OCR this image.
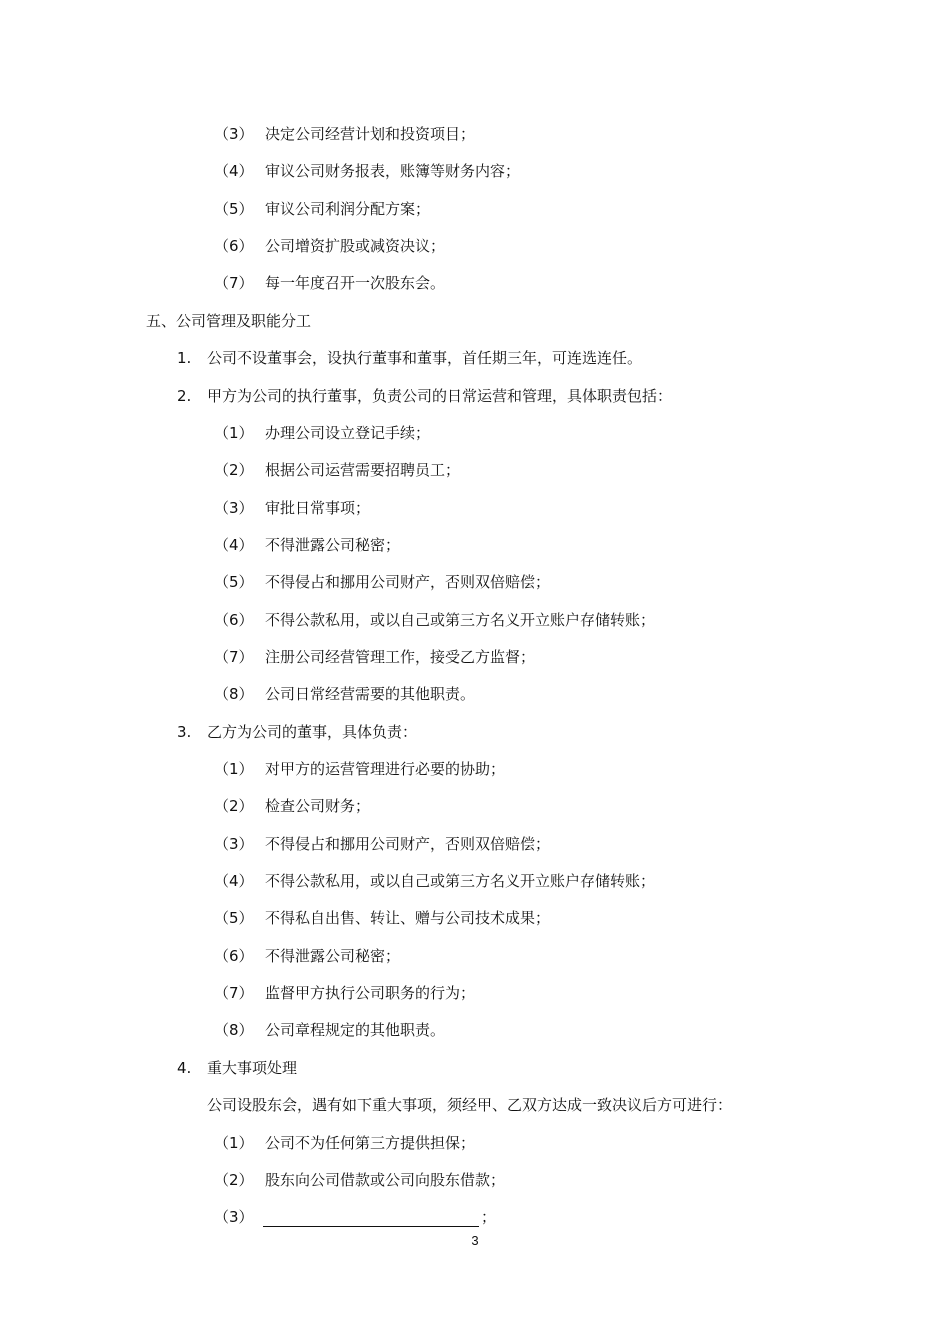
（3） 决定公司经营计划和投资项目；
（4） 审议公司财务报表，账簿等财务内容；
（5） 审议公司利润分配方案；
（6） 公司增资扩股或减资决议；
（7） 每一年度召开一次股东会。
五、公司管理及职能分工
1.	公司不设董事会，设执行董事和董事，首任期三年，可连选连任。
2.	甲方为公司的执行董事，负责公司的日常运营和管理，具体职责包括：
（1） 办理公司设立登记手续；
（2） 根据公司运营需要招聘员工；
（3） 审批日常事项；
（4） 不得泄露公司秘密；
（5） 不得侵占和挪用公司财产，否则双倍赔偿；
（6） 不得公款私用，或以自己或第三方名义开立账户存储转账；
（7） 注册公司经营管理工作，接受乙方监督；
（8） 公司日常经营需要的其他职责。
3.	乙方为公司的董事，具体负责：
（1） 对甲方的运营管理进行必要的协助；
（2） 检查公司财务；
（3） 不得侵占和挪用公司财产，否则双倍赔偿；
（4） 不得公款私用，或以自己或第三方名义开立账户存储转账；
（5） 不得私自出售、转让、赠与公司技术成果；
（6） 不得泄露公司秘密；
（7） 监督甲方执行公司职务的行为；
（8） 公司章程规定的其他职责。
4.	重大事项处理
公司设股东会，遇有如下重大事项，须经甲、乙双方达成一致决议后方可进行：
（1） 公司不为任何第三方提供担保；
（2） 股东向公司借款或公司向股东借款；
（3）	；
3
